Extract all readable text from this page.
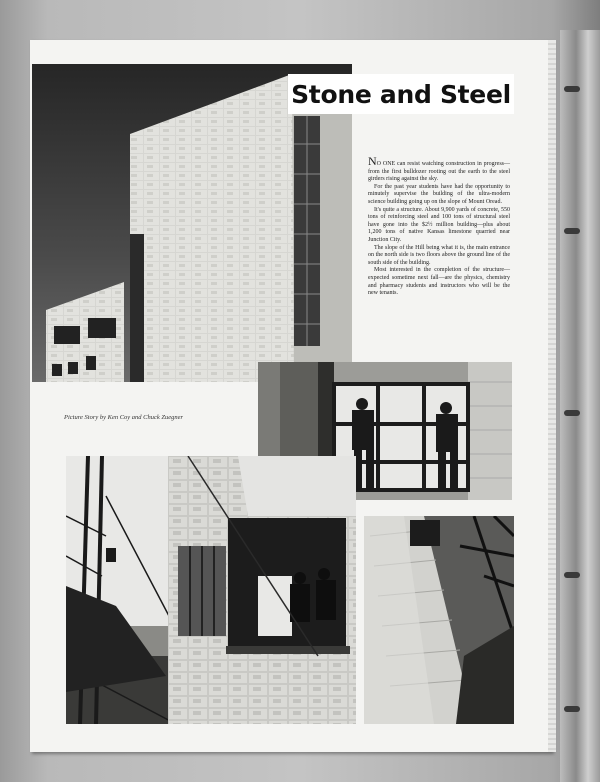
Stone and Steel

NO ONE can resist watching construction in progress—from the first bulldozer rooting out the earth to the steel girders rising against the sky.

For the past year students have had the opportunity to minutely supervise the building of the ultra-modern science building going up on the slope of Mount Oread.

It's quite a structure. About 9,900 yards of concrete, 550 tons of reinforcing steel and 100 tons of structural steel have gone into the $2½ million building—plus about 1,200 tons of native Kansas limestone quarried near Junction City.

The slope of the Hill being what it is, the main entrance on the north side is two floors above the ground line of the south side of the building.

Most interested in the completion of the structure—expected sometime next fall—are the physics, chemistry and pharmacy students and instructors who will be the new tenants.

Picture Story by Ken Coy and Chuck Zuegner
